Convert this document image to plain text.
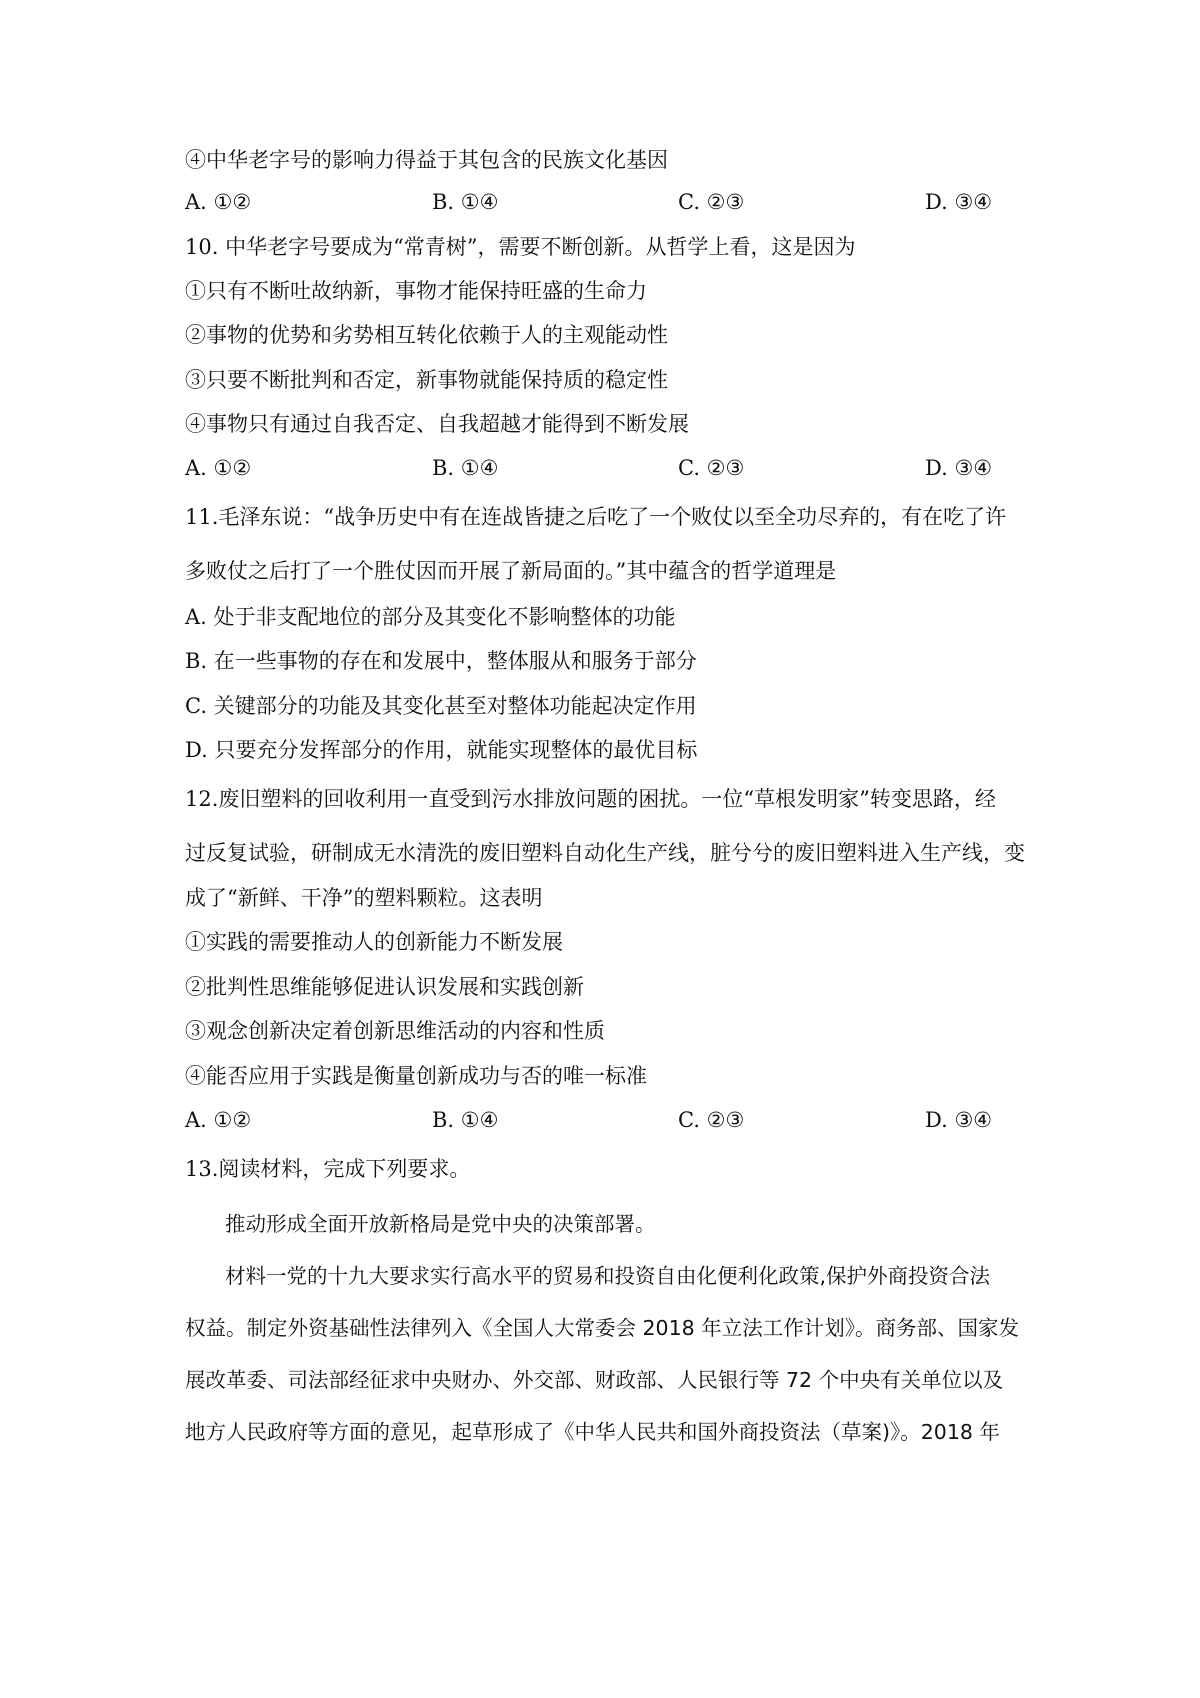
④中华老字号的影响力得益于其包含的民族文化基因
A. ①②	B. ①④	C. ②③	D. ③④
10. 中华老字号要成为“常青树”，需要不断创新。从哲学上看，这是因为
①只有不断吐故纳新，事物才能保持旺盛的生命力
②事物的优势和劣势相互转化依赖于人的主观能动性
③只要不断批判和否定，新事物就能保持质的稳定性
④事物只有通过自我否定、自我超越才能得到不断发展
A. ①②	B. ①④	C. ②③	D. ③④
11.毛泽东说：“战争历史中有在连战皆捷之后吃了一个败仗以至全功尽弃的，有在吃了许
多败仗之后打了一个胜仗因而开展了新局面的。”其中蕴含的哲学道理是
A. 处于非支配地位的部分及其变化不影响整体的功能
B. 在一些事物的存在和发展中，整体服从和服务于部分
C. 关键部分的功能及其变化甚至对整体功能起决定作用
D. 只要充分发挥部分的作用，就能实现整体的最优目标
12.废旧塑料的回收利用一直受到污水排放问题的困扰。一位“草根发明家”转变思路，经
过反复试验，研制成无水清洗的废旧塑料自动化生产线，脏兮兮的废旧塑料进入生产线，变
成了“新鲜、干净”的塑料颗粒。这表明
①实践的需要推动人的创新能力不断发展
②批判性思维能够促进认识发展和实践创新
③观念创新决定着创新思维活动的内容和性质
④能否应用于实践是衡量创新成功与否的唯一标准
A. ①②	B. ①④	C. ②③	D. ③④
13.阅读材料，完成下列要求。
推动形成全面开放新格局是党中央的决策部署。
材料一党的十九大要求实行高水平的贸易和投资自由化便利化政策,保护外商投资合法
权益。制定外资基础性法律列入《全国人大常委会 2018 年立法工作计划》。商务部、国家发
展改革委、司法部经征求中央财办、外交部、财政部、人民银行等 72 个中央有关单位以及
地方人民政府等方面的意见，起草形成了《中华人民共和国外商投资法（草案)》。2018 年
